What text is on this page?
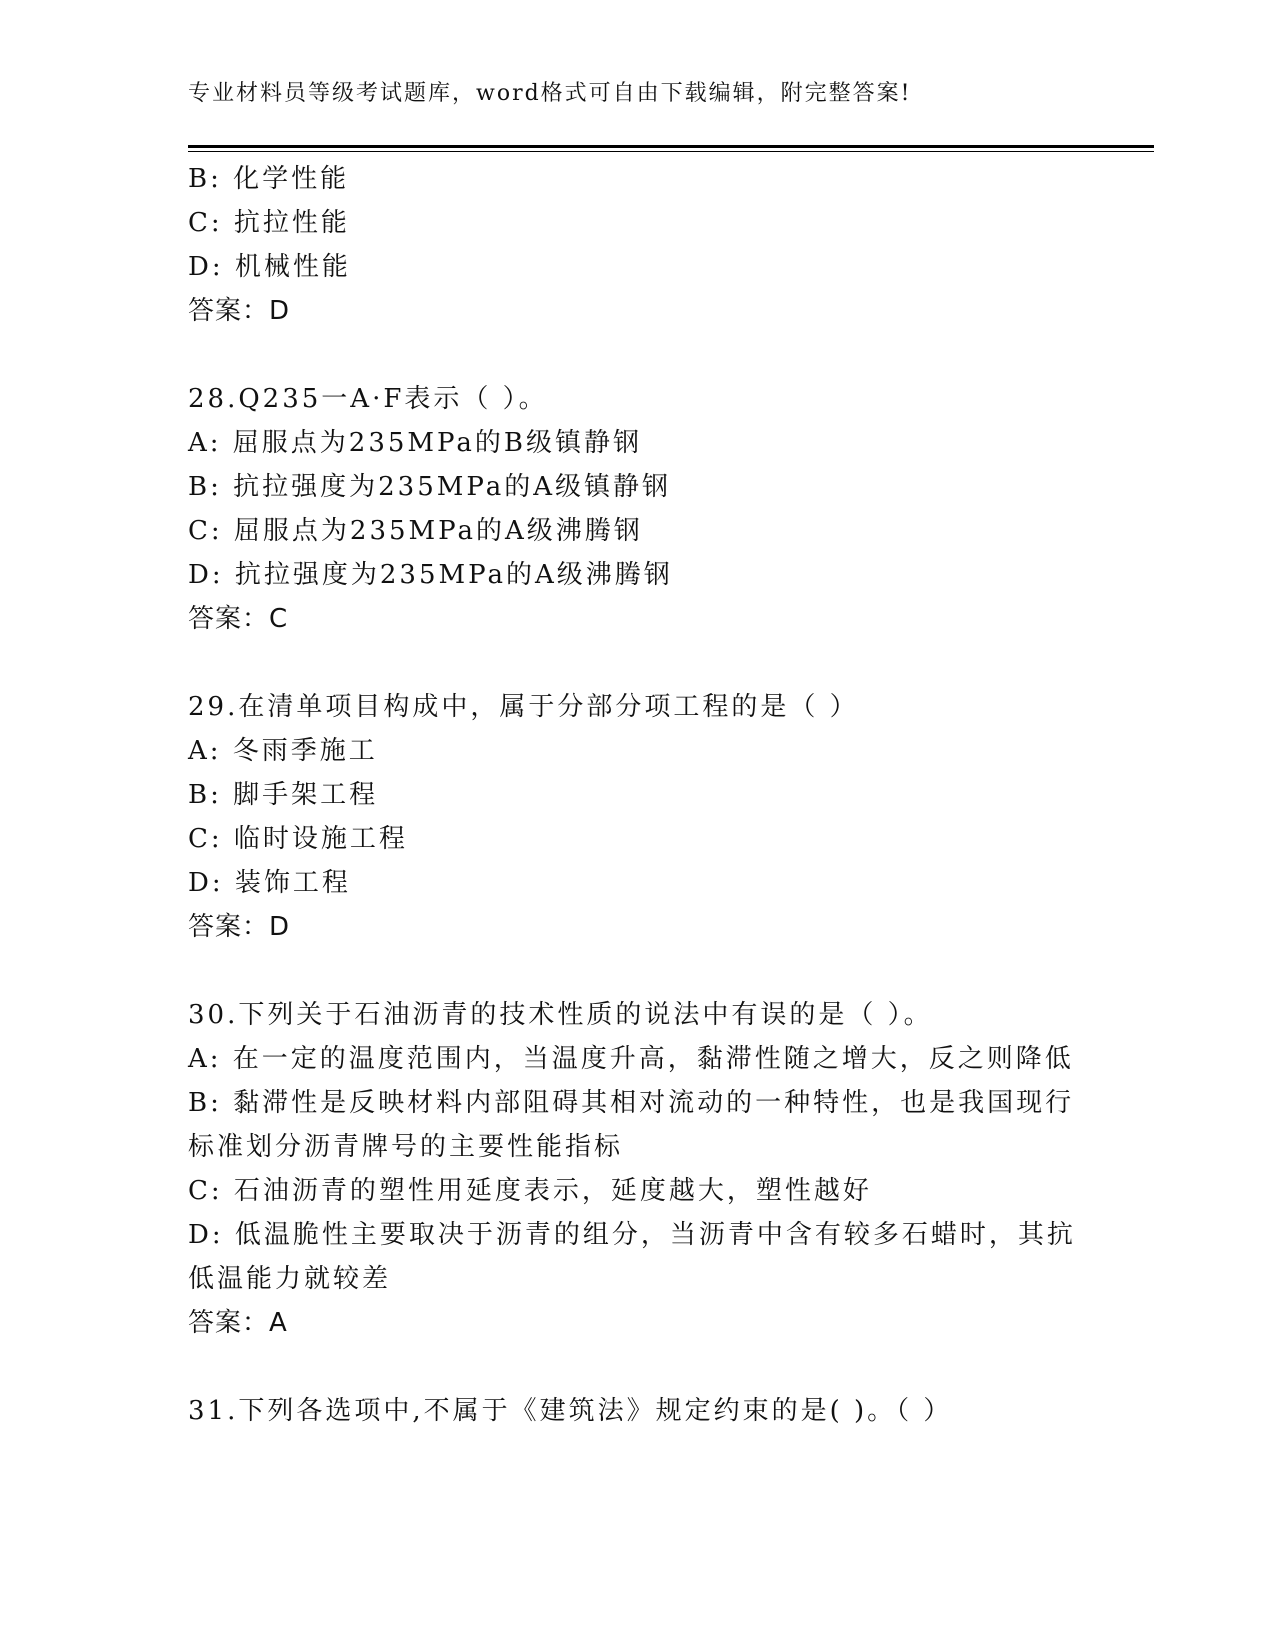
专业材料员等级考试题库，word格式可自由下载编辑，附完整答案!
B: 化学性能
C: 抗拉性能
D: 机械性能
答案：D
28.Q235一A·F表示（ ）。
A: 屈服点为235MPa的B级镇静钢
B: 抗拉强度为235MPa的A级镇静钢
C: 屈服点为235MPa的A级沸腾钢
D: 抗拉强度为235MPa的A级沸腾钢
答案：C
29.在清单项目构成中，属于分部分项工程的是（ ）
A: 冬雨季施工
B: 脚手架工程
C: 临时设施工程
D: 装饰工程
答案：D
30.下列关于石油沥青的技术性质的说法中有误的是（ ）。
A: 在一定的温度范围内，当温度升高，黏滞性随之增大，反之则降低
B: 黏滞性是反映材料内部阻碍其相对流动的一种特性，也是我国现行
标准划分沥青牌号的主要性能指标
C: 石油沥青的塑性用延度表示，延度越大，塑性越好
D: 低温脆性主要取决于沥青的组分，当沥青中含有较多石蜡时，其抗
低温能力就较差
答案：A
31.下列各选项中,不属于《建筑法》规定约束的是( )。（ ）
